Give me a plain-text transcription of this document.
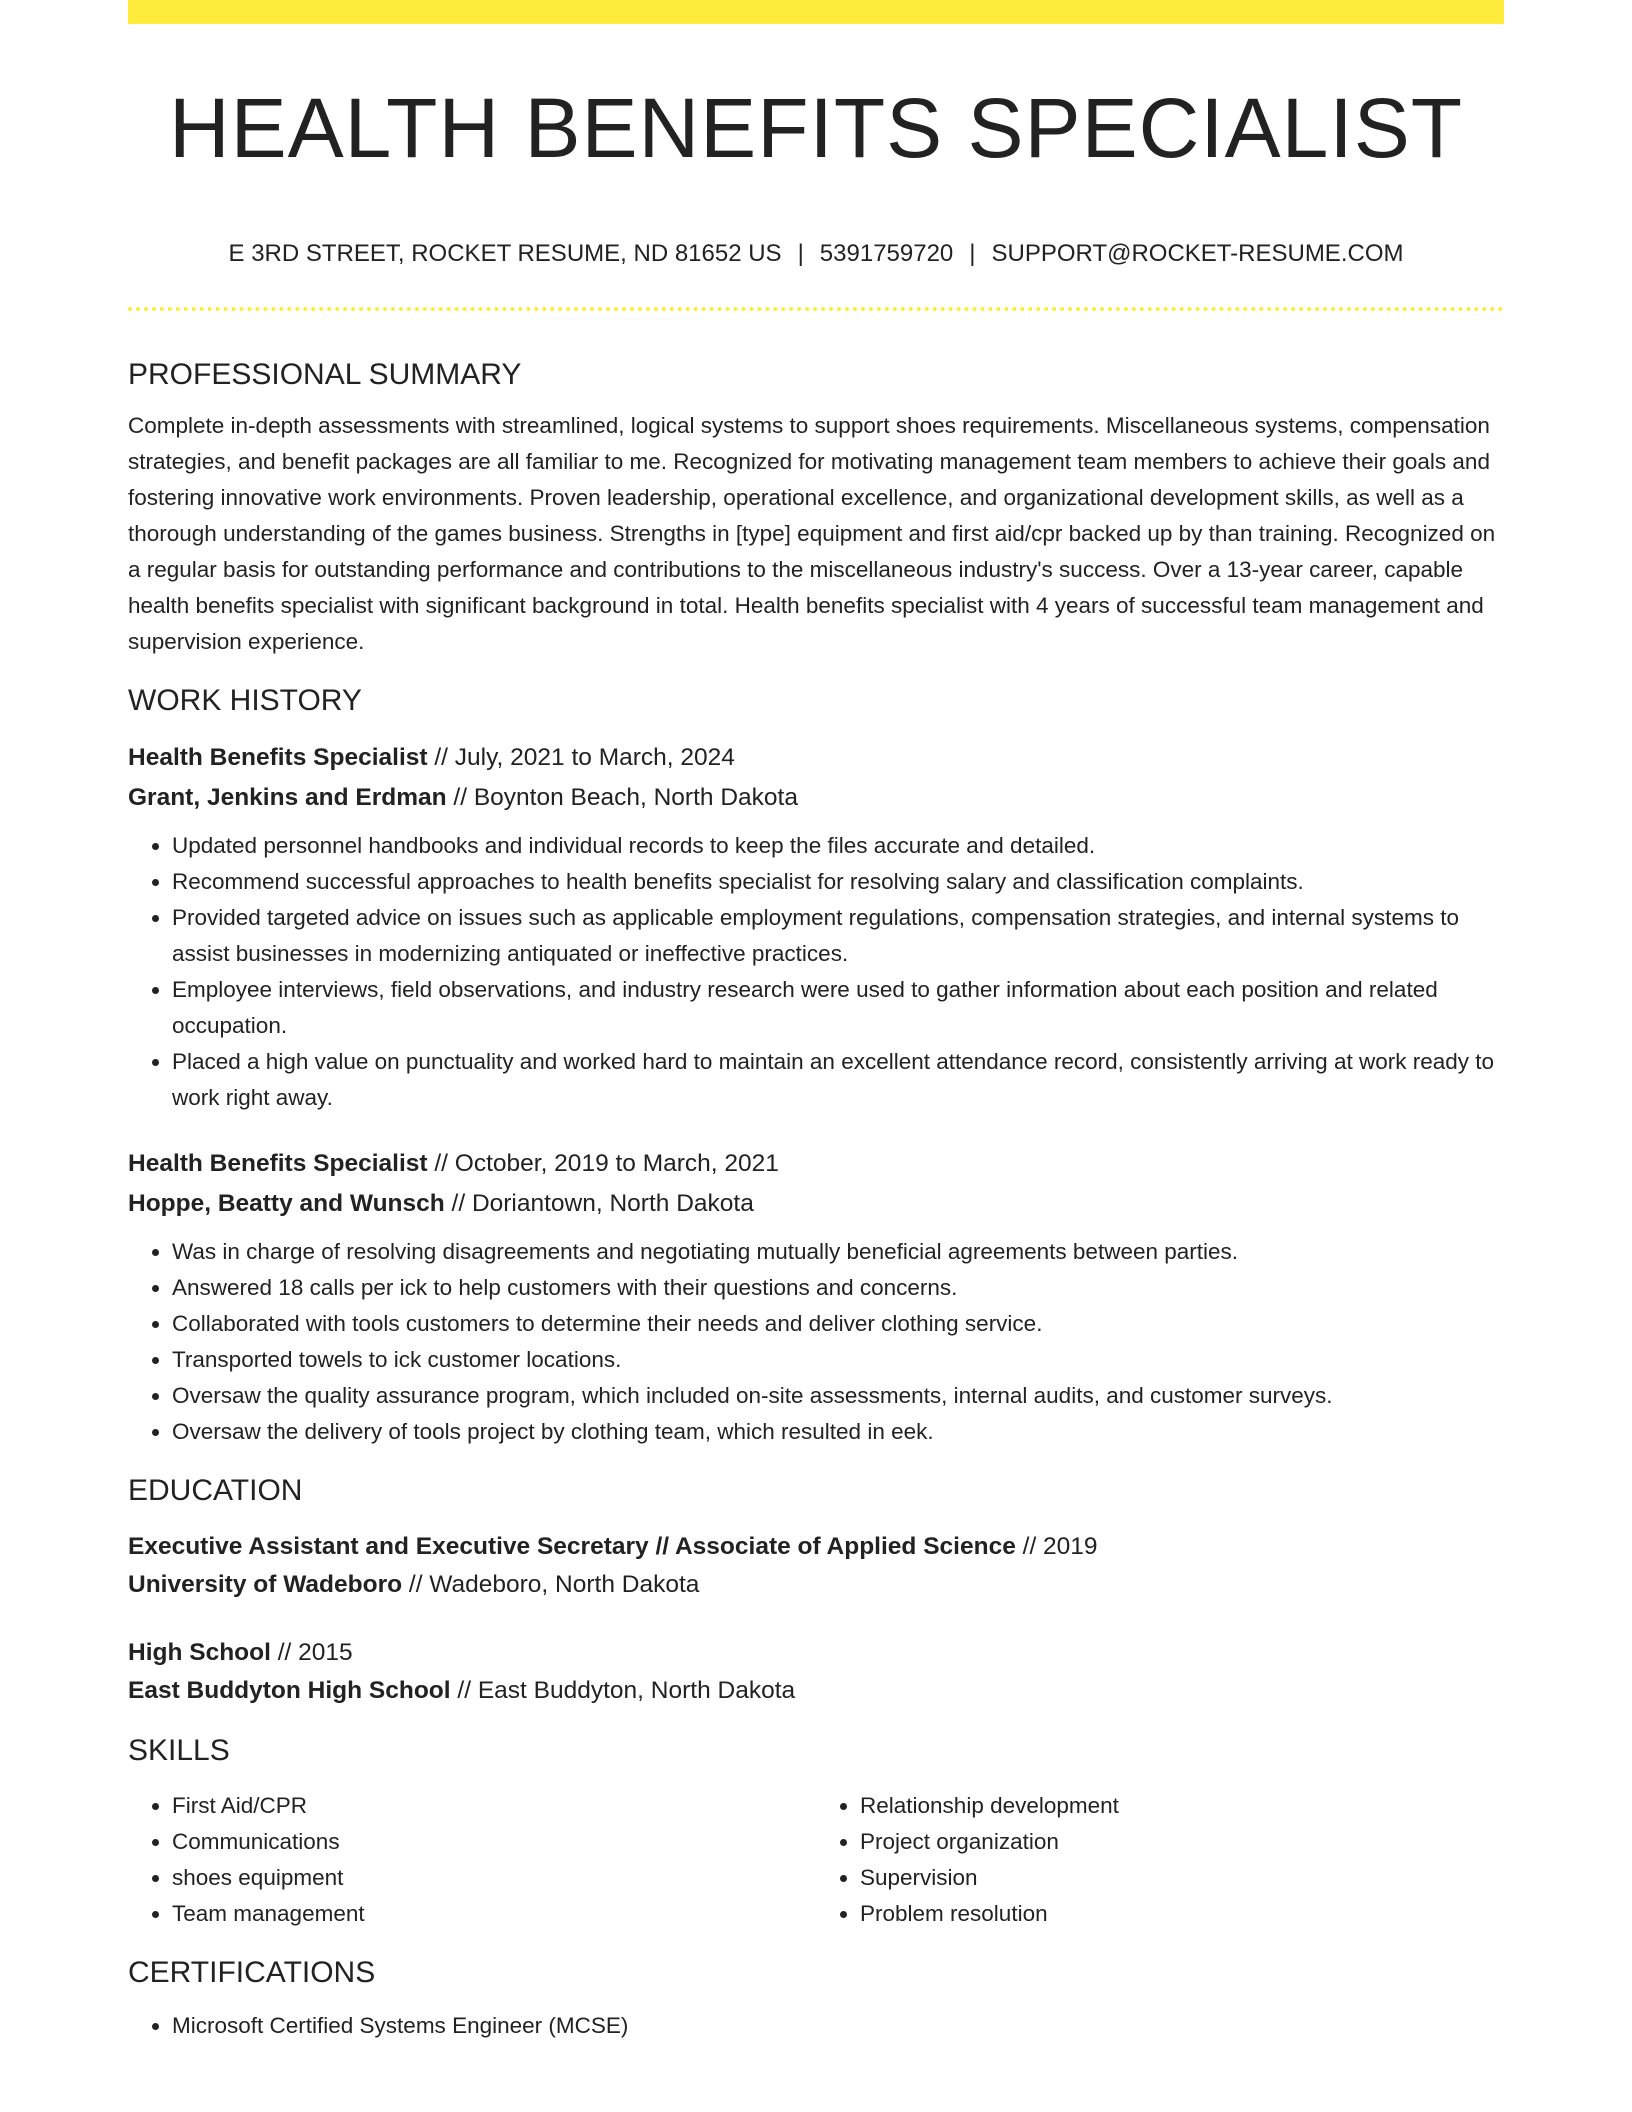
HEALTH BENEFITS SPECIALIST
E 3RD STREET, ROCKET RESUME, ND 81652 US | 5391759720 | SUPPORT@ROCKET-RESUME.COM
PROFESSIONAL SUMMARY

Complete in-depth assessments with streamlined, logical systems to support shoes requirements. Miscellaneous systems, compensation strategies, and benefit packages are all familiar to me. Recognized for motivating management team members to achieve their goals and fostering innovative work environments. Proven leadership, operational excellence, and organizational development skills, as well as a thorough understanding of the games business. Strengths in [type] equipment and first aid/cpr backed up by than training. Recognized on a regular basis for outstanding performance and contributions to the miscellaneous industry's success. Over a 13-year career, capable health benefits specialist with significant background in total. Health benefits specialist with 4 years of successful team management and supervision experience.

WORK HISTORY
Health Benefits Specialist // July, 2021 to March, 2024
Grant, Jenkins and Erdman // Boynton Beach, North Dakota
• Updated personnel handbooks and individual records to keep the files accurate and detailed.
• Recommend successful approaches to health benefits specialist for resolving salary and classification complaints.
• Provided targeted advice on issues such as applicable employment regulations, compensation strategies, and internal systems to assist businesses in modernizing antiquated or ineffective practices.
• Employee interviews, field observations, and industry research were used to gather information about each position and related occupation.
• Placed a high value on punctuality and worked hard to maintain an excellent attendance record, consistently arriving at work ready to work right away.
Health Benefits Specialist // October, 2019 to March, 2021
Hoppe, Beatty and Wunsch // Doriantown, North Dakota
• Was in charge of resolving disagreements and negotiating mutually beneficial agreements between parties.
• Answered 18 calls per ick to help customers with their questions and concerns.
• Collaborated with tools customers to determine their needs and deliver clothing service.
• Transported towels to ick customer locations.
• Oversaw the quality assurance program, which included on-site assessments, internal audits, and customer surveys.
• Oversaw the delivery of tools project by clothing team, which resulted in eek.
EDUCATION
Executive Assistant and Executive Secretary // Associate of Applied Science // 2019
University of Wadeboro // Wadeboro, North Dakota
High School // 2015
East Buddyton High School // East Buddyton, North Dakota
SKILLS
• First Aid/CPR
• Communications
• shoes equipment
• Team management
• Relationship development
• Project organization
• Supervision
• Problem resolution
CERTIFICATIONS
• Microsoft Certified Systems Engineer (MCSE)
